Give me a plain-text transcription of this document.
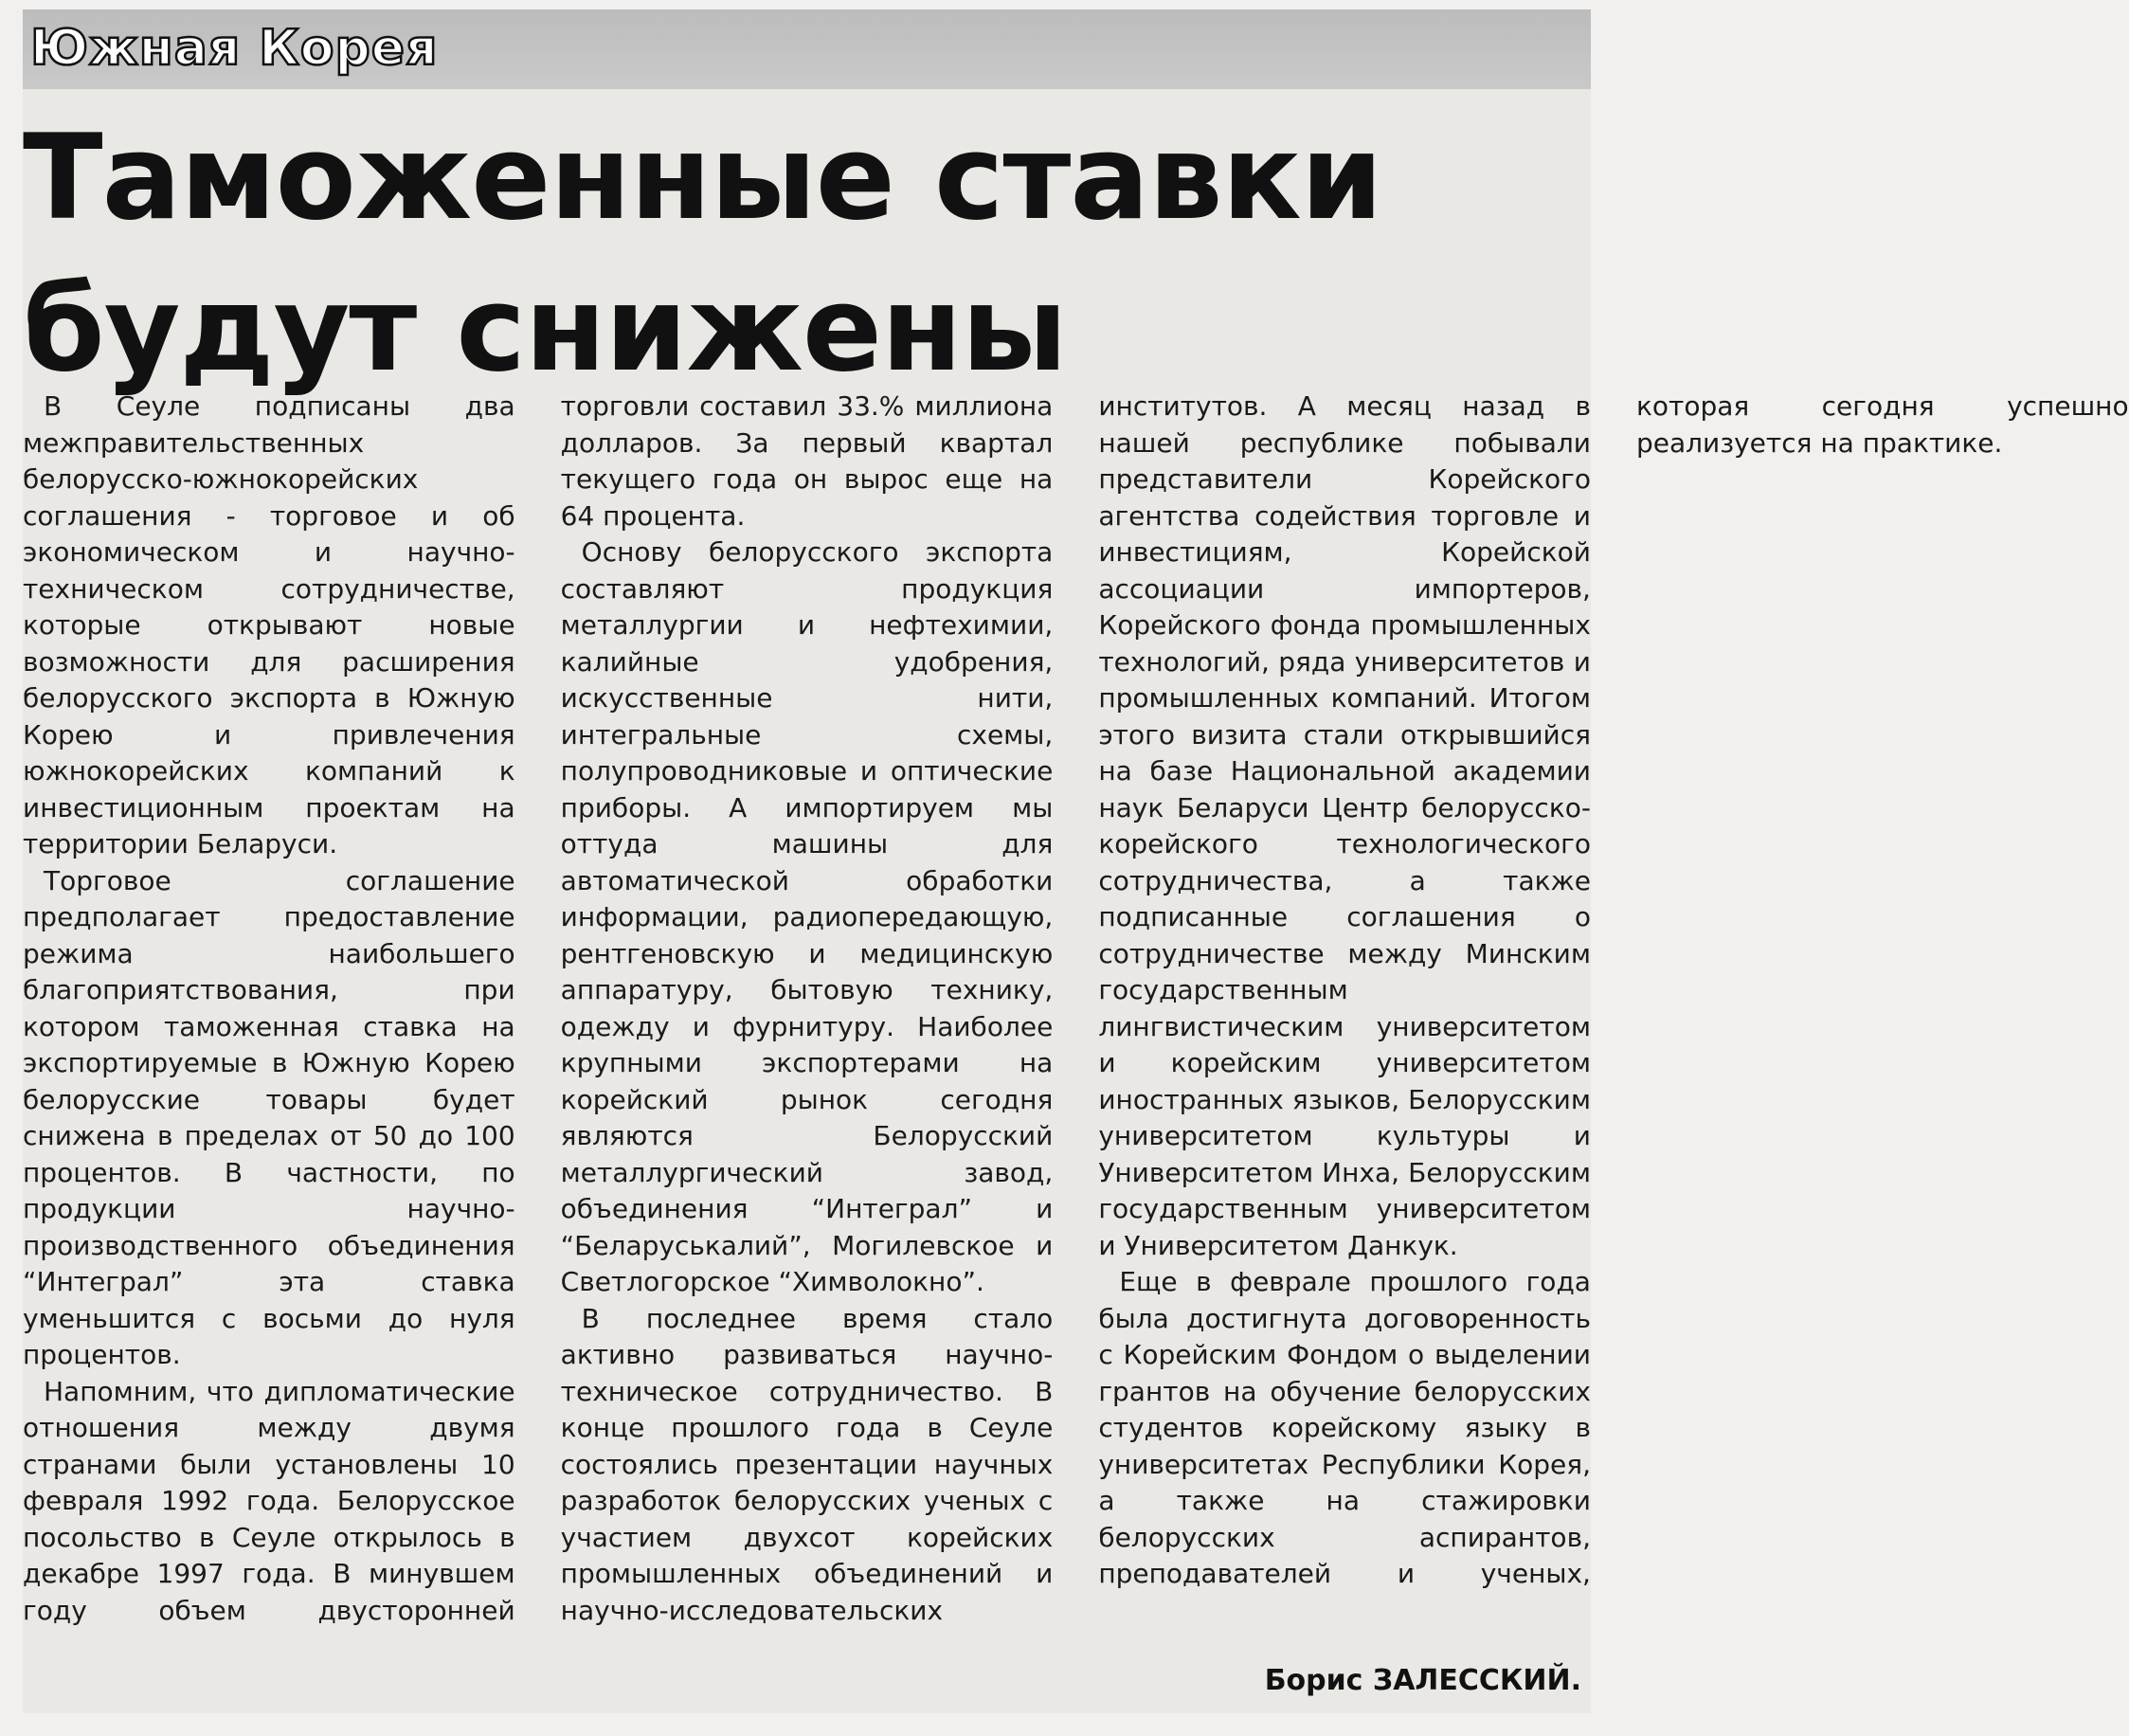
Южная Корея
Таможенные ставки
будут снижены

В Сеуле подписаны два межправительственных белорусско-южнокорейских соглашения - торговое и об экономическом и научно-техническом сотрудничестве, которые открывают новые возможности для расширения белорусского экспорта в Южную Корею и привлечения южнокорейских компаний к инвестиционным проектам на территории Беларуси.

Торговое соглашение предполагает предоставление режима наибольшего благоприятствования, при котором таможенная ставка на экспортируемые в Южную Корею белорусские товары будет снижена в пределах от 50 до 100 процентов. В частности, по продукции научно-производственного объединения “Интеграл” эта ставка уменьшится с восьми до нуля процентов.

Напомним, что дипломатические отношения между двумя странами были установлены 10 февраля 1992 года. Белорусское посольство в Сеуле открылось в декабре 1997 года. В минувшем году объем двусторонней торговли составил 33.% миллиона долларов. За первый квартал текущего года он вырос еще на 64 процента.

Основу белорусского экспорта составляют продукция металлургии и нефтехимии, калийные удобрения, искусственные нити, интегральные схемы, полупроводниковые и оптические приборы. А импортируем мы оттуда машины для автоматической обработки информации, радиопередающую, рентгеновскую и медицинскую аппаратуру, бытовую технику, одежду и фурнитуру. Наиболее крупными экспортерами на корейский рынок сегодня являются Белорусский металлургический завод, объединения “Интеграл” и “Беларуськалий”, Могилевское и Светлогорское “Химволокно”.

В последнее время стало активно развиваться научно-техническое сотрудничество. В конце прошлого года в Сеуле состоялись презентации научных разработок белорусских ученых с участием двухсот корейских промышленных объединений и научно-исследовательских институтов. А месяц назад в нашей республике побывали представители Корейского агентства содействия торговле и инвестициям, Корейской ассоциации импортеров, Корейского фонда промышленных технологий, ряда университетов и промышленных компаний. Итогом этого визита стали открывшийся на базе Национальной академии наук Беларуси Центр белорусско-корейского технологического сотрудничества, а также подписанные соглашения о сотрудничестве между Минским государственным лингвистическим университетом и корейским университетом иностранных языков, Белорусским университетом культуры и Университетом Инха, Белорусским государственным университетом и Университетом Данкук.

Еще в феврале прошлого года была достигнута договоренность с Корейским Фондом о выделении грантов на обучение белорусских студентов корейскому языку в университетах Республики Корея, а также на стажировки белорусских аспирантов, преподавателей и ученых, которая сегодня успешно реализуется на практике.

Борис ЗАЛЕССКИЙ.
